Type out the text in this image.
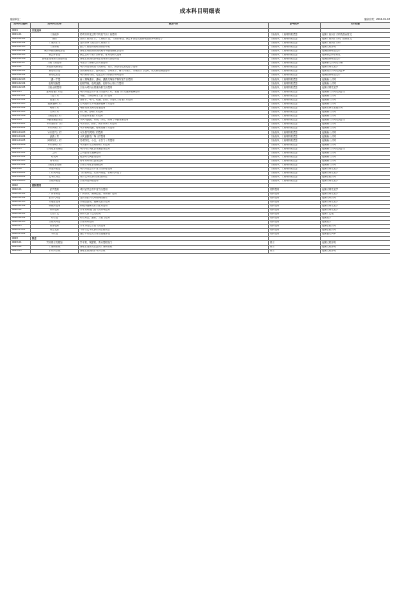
成本科目明细表
编制单位：	编制日期：2016-01-18
成本科目编码	成本科目名称	核算内容	影响成本	归档依据
0001	开发成本			
0001-01	土地成本	指项目开发过程中所发生的土地费用	土地成本、土地增值税清算	依据土地出让合同及政府批文
0001-01-01	地价	包括土地出让金、土地转让费、土地征用费、拆迁补偿费及政府收取的各项规费等	土地成本、土地增值税清算	依据土地出让合同、政府批文
0001-01-02	土地出让金	支付给国土部门的土地出让金	土地成本、土地增值税清算	依据土地出让合同
0001-01-03	土地契税	取得土地使用权时缴纳的契税	土地成本、土地增值税清算	依据完税证明
0001-01-04	城市基础设施配套费	按规定向政府缴纳的城市基础设施配套费用	土地成本、土地增值税清算	依据政府收费文件
0001-01-05	拆迁补偿费	拆迁过程中发生的补偿、安置及相关费用	土地成本、土地增值税清算	依据拆迁补偿协议
0001-01-06	新增建设用地有偿使用费	按规定缴纳的新增建设用地有偿使用费	土地成本、土地增值税清算	依据政府收费文件
0001-01-07	其他土地费用	与取得土地相关的其他费用	土地成本、土地增值税清算	依据相关合同及票据
0001-02	开发前期准备费	项目开发前期发生的规划、设计、勘察及报批报建等费用	土地成本、土地增值税清算	依据合同及发票
0001-02-01	勘察设计费	包括规划设计、建筑设计、景观设计、施工图设计、方案设计等费用，以及勘察测绘费用	土地成本、土地增值税清算	依据设计合同及结算单
0001-02-02	规划报批费	项目规划审批、报建过程中缴纳的各项费用	土地成本、土地增值税清算	依据政府收费文件
0001-02-03	三通一平费	施工现场通水、通电、通路及场地平整所发生的费用	土地成本、土地增值税清算	依据施工合同
0001-02-04	临时设施费	临时围墙、临时道路、临时办公用房等费用	土地成本、土地增值税清算	依据施工合同
0001-02-05	其他前期费用	其他与项目前期准备相关的费用	土地成本、土地增值税清算	依据合同及发票
0001-03	建筑安装工程费	项目开发过程中发生的建筑工程、安装工程及装饰装修费用	土地成本、土地增值税清算	依据施工合同及结算书
0001-03-01	土建工程	基础、主体结构及土建工程费用	土地成本、土地增值税清算	依据施工合同
0001-03-02	安装工程	给排水、电气、暖通、消防、智能化等安装工程费用	土地成本、土地增值税清算	依据施工合同
0001-03-03	装饰装修工程	公共部位及室内装饰装修工程费用	土地成本、土地增值税清算	依据施工合同
0001-03-04	电梯工程	电梯设备采购及安装费用	土地成本、土地增值税清算	依据采购及安装合同
0001-03-05	门窗工程	外门窗、幕墙工程费用	土地成本、土地增值税清算	依据施工合同
0001-03-06	其他建安工程	其他建筑安装工程费用	土地成本、土地增值税清算	依据施工合同
0001-04	基础设施建设费	小区内道路、管网、绿化、照明等基础设施费用	土地成本、土地增值税清算	依据施工合同及结算书
0001-04-01	室外给排水工程	室外给水、排水、雨水管网工程费用	土地成本、土地增值税清算	依据施工合同
0001-04-02	室外供电工程	室外供电线路、配电设施工程费用	土地成本、土地增值税清算	依据施工合同
0001-04-03	室外燃气工程	室外燃气管网工程费用	土地成本、土地增值税清算	依据施工合同
0001-04-04	道路工程	小区道路及广场工程费用	土地成本、土地增值税清算	依据施工合同
0001-04-05	园林绿化工程	景观绿化、小品、水景等工程费用	土地成本、土地增值税清算	依据施工合同
0001-04-06	室外照明工程	室外路灯及景观照明工程费用	土地成本、土地增值税清算	依据施工合同
0001-05	公共配套设施费	项目内公共配套设施建设费用	土地成本、土地增值税清算	依据施工合同及结算书
0001-05-01	会所	会所建设及装修费用	土地成本、土地增值税清算	依据施工合同
0001-05-02	幼儿园	配套幼儿园建设费用	土地成本、土地增值税清算	依据施工合同
0001-05-03	物业用房	物业管理用房建设费用	土地成本、土地增值税清算	依据施工合同
0001-05-04	其他配套设施	其他公共配套设施费用	土地成本、土地增值税清算	依据施工合同
0001-06	开发间接费	项目开发过程中发生的间接费用	土地成本、土地增值税清算	依据合同及发票
0001-06-01	工程管理费	工程监理费、造价咨询费、招标代理费等	土地成本、土地增值税清算	依据合同及发票
0001-06-02	资本化利息	符合资本化条件的借款利息	土地成本、土地增值税清算	依据借款合同
0001-06-03	其他间接费	其他开发间接费用	土地成本、土地增值税清算	依据合同及发票
0002	期间费用			
0002-01	销售费用	项目销售过程中发生的费用	期间费用	依据合同及发票
0002-01-01	广告宣传费	广告制作、媒体投放、宣传推广费用	期间费用	依据合同及发票
0002-01-02	销售代理费	支付给销售代理机构的佣金	期间费用	依据代理合同
0002-01-03	售楼处费用	售楼处建设、装修及运营费用	期间费用	依据合同及发票
0002-01-04	样板间费用	样板间装修及家具配置费用	期间费用	依据合同及发票
0002-02	管理费用	企业管理部门发生的各项费用	期间费用	依据合同及发票
0002-02-01	人员工资	管理人员工资及福利	期间费用	依据工资表
0002-02-02	办公费	办公用品、通讯、差旅等费用	期间费用	依据发票
0002-02-03	其他管理费	其他管理费用	期间费用	依据发票
0002-03	财务费用	企业筹集资金发生的费用	期间费用	依据借款合同
0002-03-01	利息支出	不符合资本化条件的借款利息	期间费用	依据借款合同
0002-03-02	手续费	银行手续费及其他金融服务费	期间费用	依据银行回单
0003	税金			
0003-01	营业税金及附加	营业税、城建税、教育费附加等	税金	依据完税证明
0003-02	土地增值税	按规定预缴及清算的土地增值税	税金	依据完税证明
0003-03	企业所得税	按规定缴纳的企业所得税	税金	依据完税证明
